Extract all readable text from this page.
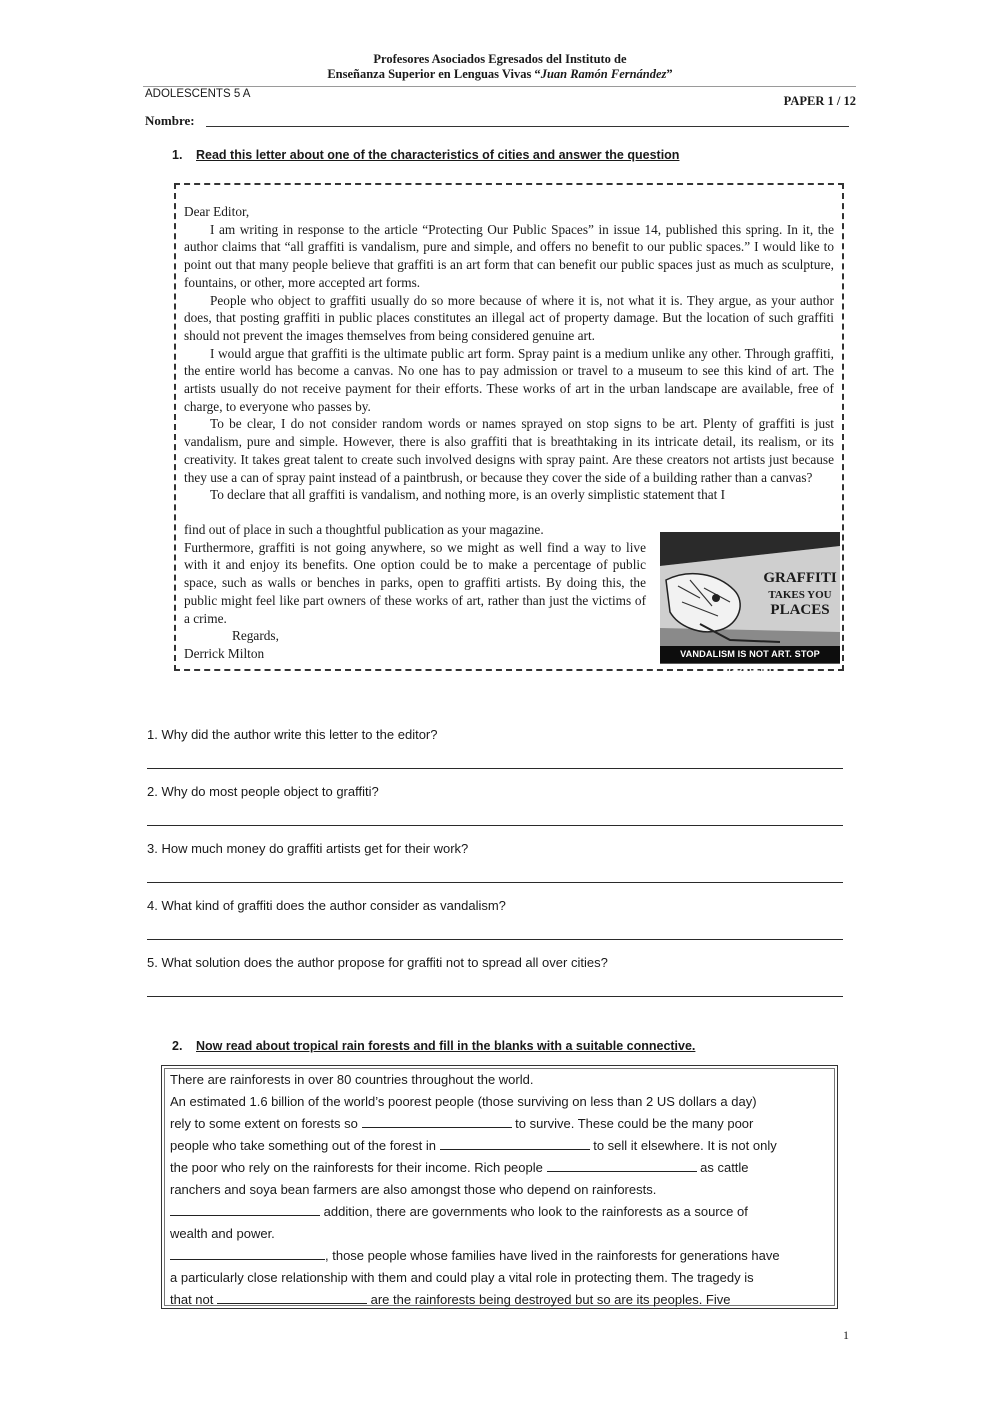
Profesores Asociados Egresados del Instituto de
Enseñanza Superior en Lenguas Vivas “Juan Ramón Fernández”
ADOLESCENTS 5 A	PAPER 1 / 12
Nombre:
1. Read this letter about one of the characteristics of cities and answer the question

Dear Editor,

I am writing in response to the article “Protecting Our Public Spaces” in issue 14, published this spring. In it, the author claims that “all graffiti is vandalism, pure and simple, and offers no benefit to our public spaces.” I would like to point out that many people believe that graffiti is an art form that can benefit our public spaces just as much as sculpture, fountains, or other, more accepted art forms.

People who object to graffiti usually do so more because of where it is, not what it is. They argue, as your author does, that posting graffiti in public places constitutes an illegal act of property damage. But the location of such graffiti should not prevent the images themselves from being considered genuine art.

I would argue that graffiti is the ultimate public art form. Spray paint is a medium unlike any other. Through graffiti, the entire world has become a canvas. No one has to pay admission or travel to a museum to see this kind of art. The artists usually do not receive payment for their efforts. These works of art in the urban landscape are available, free of charge, to everyone who passes by.

To be clear, I do not consider random words or names sprayed on stop signs to be art. Plenty of graffiti is just vandalism, pure and simple. However, there is also graffiti that is breathtaking in its intricate detail, its realism, or its creativity. It takes great talent to create such involved designs with spray paint. Are these creators not artists just because they use a can of spray paint instead of a paintbrush, or because they cover the side of a building rather than a canvas?

To declare that all graffiti is vandalism, and nothing more, is an overly simplistic statement that I

find out of place in such a thoughtful publication as your magazine.

Furthermore, graffiti is not going anywhere, so we might as well find a way to live with it and enjoy its benefits. One option could be to make a percentage of public space, such as walls or benches in parks, open to graffiti artists. By doing this, the public might feel like part owners of these works of art, rather than just the victims of a crime.

Regards,

Derrick Milton

GRAFFITI
TAKES YOU
PLACES
VANDALISM IS NOT ART. STOP GRAFFITI
1. Why did the author write this letter to the editor?
2. Why do most people object to graffiti?
3. How much money do graffiti artists get for their work?
4. What kind of graffiti does the author consider as vandalism?
5. What solution does the author propose for graffiti not to spread all over cities?
2. Now read about tropical rain forests and fill in the blanks with a suitable connective.

There are rainforests in over 80 countries throughout the world.

An estimated 1.6 billion of the world’s poorest people (those surviving on less than 2 US dollars a day)

rely to some extent on forests so	to survive. These could be the many poor

people who take something out of the forest in	to sell it elsewhere. It is not only

the poor who rely on the rainforests for their income. Rich people	as cattle

ranchers and soya bean farmers are also amongst those who depend on rainforests.

addition, there are governments who look to the rainforests as a source of

wealth and power.

, those people whose families have lived in the rainforests for generations have

a particularly close relationship with them and could play a vital role in protecting them. The tragedy is

that not	are the rainforests being destroyed but so are its peoples. Five

1
